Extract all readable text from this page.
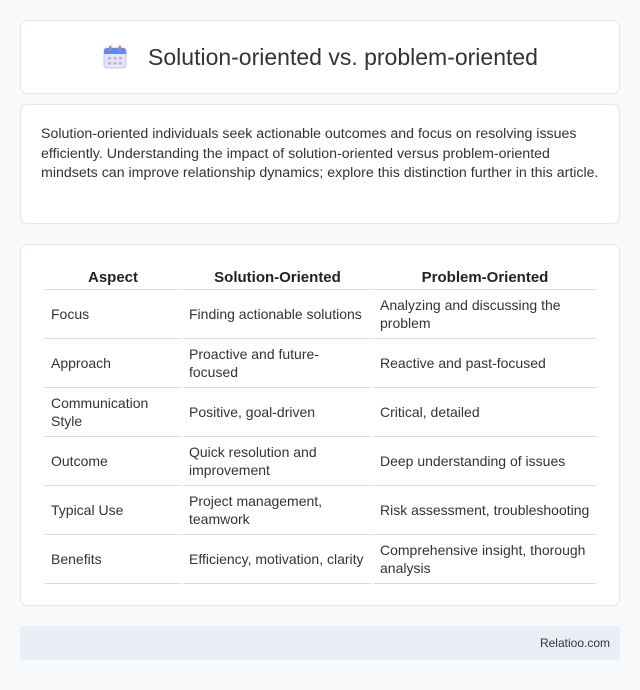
Solution-oriented vs. problem-oriented

Solution-oriented individuals seek actionable outcomes and focus on resolving issues efficiently. Understanding the impact of solution-oriented versus problem-oriented mindsets can improve relationship dynamics; explore this distinction further in this article.

Aspect	Solution-Oriented	Problem-Oriented
Focus	Finding actionable solutions	Analyzing and discussing the problem
Approach	Proactive and future-focused	Reactive and past-focused
Communication Style	Positive, goal-driven	Critical, detailed
Outcome	Quick resolution and improvement	Deep understanding of issues
Typical Use	Project management, teamwork	Risk assessment, troubleshooting
Benefits	Efficiency, motivation, clarity	Comprehensive insight, thorough analysis
Relatioo.com
